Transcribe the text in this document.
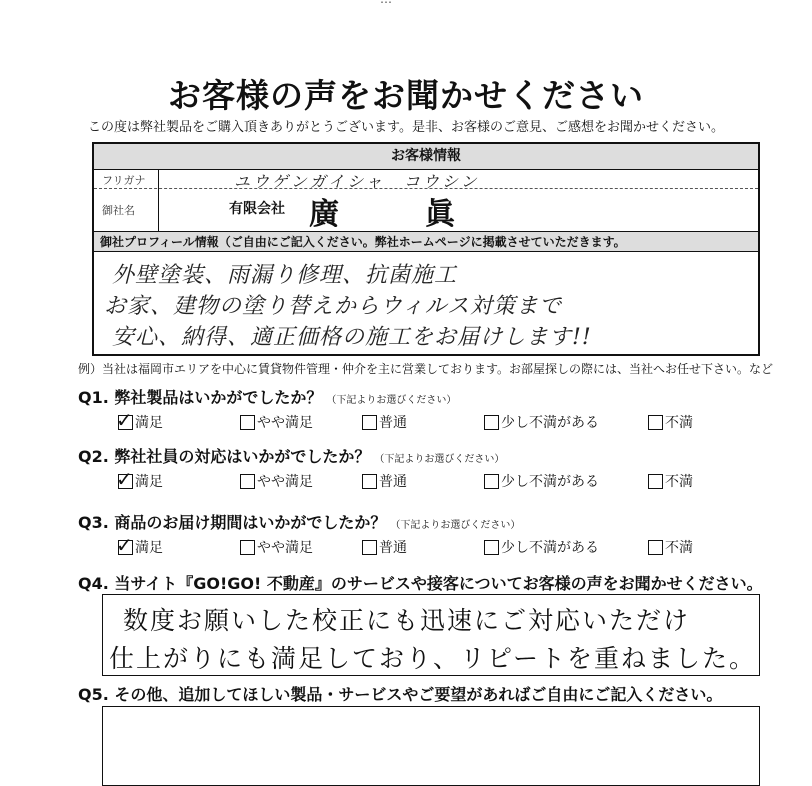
お客様の声をお聞かせください
この度は弊社製品をご購入頂きありがとうございます。是非、お客様のご意見、ご感想をお聞かせください。
お客様情報
フリガナ	ユウゲンガイシャ　コウシン
御社名	有限会社 廣　眞
御社プロフィール情報（ご自由にご記入ください。弊社ホームページに掲載させていただきます。
外壁塗装、雨漏り修理、抗菌施工
お家、建物の塗り替えからウィルス対策まで
安心、納得、適正価格の施工をお届けします!!
例）当社は福岡市エリアを中心に賃貸物件管理・仲介を主に営業しております。お部屋探しの際には、当社へお任せ下さい。など
Q1. 弊社製品はいかがでしたか？ （下記よりお選びください）
✓ 満足	やや満足	普通	少し不満がある	不満
Q2. 弊社社員の対応はいかがでしたか？ （下記よりお選びください）
✓ 満足	やや満足	普通	少し不満がある	不満
Q3. 商品のお届け期間はいかがでしたか？ （下記よりお選びください）
✓ 満足	やや満足	普通	少し不満がある	不満
Q4. 当サイト『GO!GO! 不動産』のサービスや接客についてお客様の声をお聞かせください。
数度お願いした校正にも迅速にご対応いただけ
仕上がりにも満足しており、リピートを重ねました。
Q5. その他、追加してほしい製品・サービスやご要望があればご自由にご記入ください。
